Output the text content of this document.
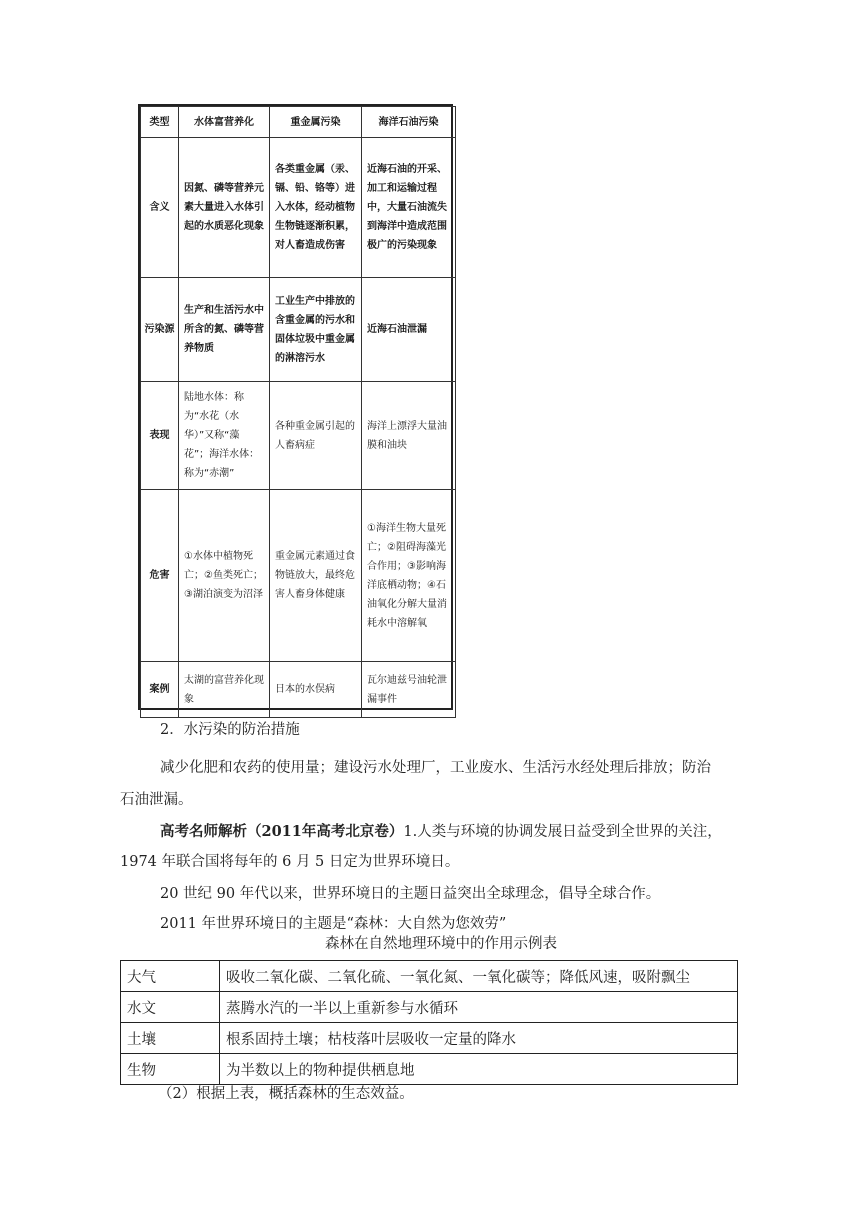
类型	水体富营养化	重金属污染	海洋石油污染
含义	因氮、磷等营养元素大量进入水体引起的水质恶化现象	各类重金属（汞、镉、铅、铬等）进入水体，经动植物生物链逐渐积累，对人畜造成伤害	近海石油的开采、加工和运输过程中，大量石油流失到海洋中造成范围极广的污染现象
污染源	生产和生活污水中所含的氮、磷等营养物质	工业生产中排放的含重金属的污水和固体垃圾中重金属的淋溶污水	近海石油泄漏
表现	陆地水体：称为“水花（水华）”又称“藻花”；海洋水体：称为“赤潮”	各种重金属引起的人畜病症	海洋上漂浮大量油膜和油块
危害	①水体中植物死亡；②鱼类死亡；③湖泊演变为沼泽	重金属元素通过食物链放大，最终危害人畜身体健康	①海洋生物大量死亡；②阻碍海藻光合作用；③影响海洋底栖动物；④石油氧化分解大量消耗水中溶解氧
案例	太湖的富营养化现象	日本的水俣病	瓦尔迪兹号油轮泄漏事件
2．水污染的防治措施
减少化肥和农药的使用量；建设污水处理厂，工业废水、生活污水经处理后排放；防治
石油泄漏。
高考名师解析（2011年高考北京卷）1.人类与环境的协调发展日益受到全世界的关注，
1974 年联合国将每年的 6 月 5 日定为世界环境日。
20 世纪 90 年代以来，世界环境日的主题日益突出全球理念，倡导全球合作。
2011 年世界环境日的主题是“森林：大自然为您效劳”
森林在自然地理环境中的作用示例表
大气	吸收二氧化碳、二氧化硫、一氧化氮、一氧化碳等；降低风速，吸附飘尘
水文	蒸腾水汽的一半以上重新参与水循环
土壤	根系固持土壤；枯枝落叶层吸收一定量的降水
生物	为半数以上的物种提供栖息地
（2）根据上表，概括森林的生态效益。
